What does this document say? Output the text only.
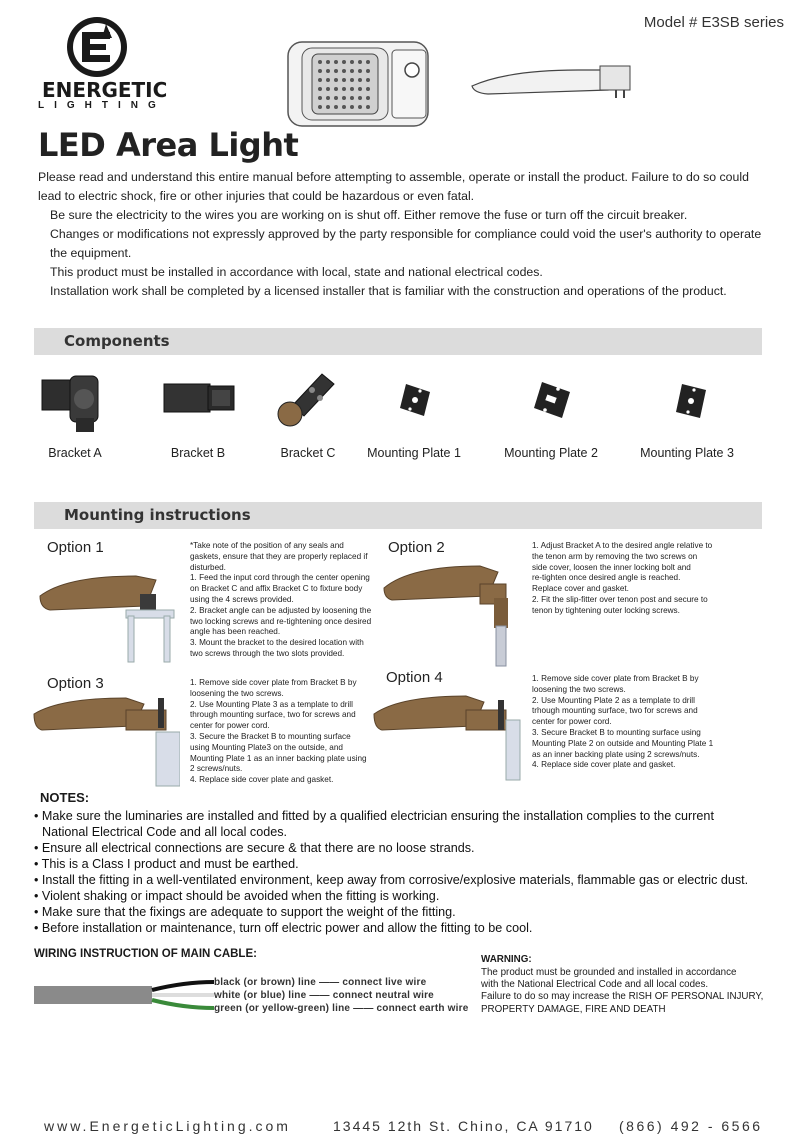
Model # E3SB series
ENERGETIC
LIGHTING
LED Area Light

Please read and understand this entire manual before attempting to assemble, operate or install the product. Failure to do so could lead to electric shock, fire or other injuries that could be hazardous or even fatal.

Be sure the electricity to the wires you are working on is shut off. Either remove the fuse or turn off the circuit breaker.

Changes or modifications not expressly approved by the party responsible for compliance could void the user's authority to operate the equipment.

This product must be installed in accordance with local, state and national electrical codes.

Installation work shall be completed by a licensed installer that is familiar with the construction and operations of the product.

Components
Bracket A	Bracket B	Bracket C	Mounting Plate 1	Mounting Plate 2	Mounting Plate 3
Mounting instructions
Option 1	*Take note of the position of any seals and

gaskets, ensure that they are properly replaced if

disturbed.

1. Feed the input cord through the center opening

on Bracket C and affix Bracket C to fixture body

using the 4 screws provided.

2. Bracket angle can be adjusted by loosening the

two locking screws and re-tightening once desired

angle has been reached.

3. Mount the bracket to the desired location with

two screws through the two slots provided.

Option 2	1. Adjust Bracket A to the desired angle relative to

the tenon arm by removing the two screws on

side cover, loosen the inner locking bolt and

re-tighten once desired angle is reached.

Replace cover and gasket.

2. Fit the slip-fitter over tenon post and secure to

tenon by tightening outer locking screws.

Option 3	1. Remove side cover plate from Bracket B by

loosening the two screws.

2. Use Mounting Plate 3 as a template to drill

through mounting surface, two for screws and

center for power cord.

3. Secure the Bracket B to mounting surface

using Mounting Plate3 on the outside, and

Mounting Plate 1 as an inner backing plate using

2 screws/nuts.

4. Replace side cover plate and gasket.

Option 4	1. Remove side cover plate from Bracket B by

loosening the two screws.

2. Use Mounting Plate 2 as a template to drill

trhough mounting surface, two for screws and

center for power cord.

3. Secure Bracket B to mounting surface using

Mounting Plate 2 on outside and Mounting Plate 1

as an inner backing plate using 2 screws/nuts.

4. Replace side cover plate and gasket.

NOTES:
• Make sure the luminaries are installed and fitted by a qualified electrician ensuring the installation complies to the current
National Electrical Code and all local codes.
• Ensure all electrical connections are secure & that there are no loose strands.
• This is a Class I product and must be earthed.
• Install the fitting in a well-ventilated environment, keep away from corrosive/explosive materials, flammable gas or electric dust.
• Violent shaking or impact should be avoided when the fitting is working.
• Make sure that the fixings are adequate to support the weight of the fitting.
• Before installation or maintenance, turn off electric power and allow the fitting to be cool.
WIRING INSTRUCTION OF MAIN CABLE:
black (or brown) line —— connect live wire
white (or blue) line —— connect neutral wire
green (or yellow-green) line —— connect earth wire
WARNING:
The product must be grounded and installed in accordance
with the National Electrical Code and all local codes.
Failure to do so may increase the RISH OF PERSONAL INJURY,
PROPERTY DAMAGE, FIRE AND DEATH
www.EnergeticLighting.com	13445 12th St. Chino, CA 91710 (866) 492 - 6566
